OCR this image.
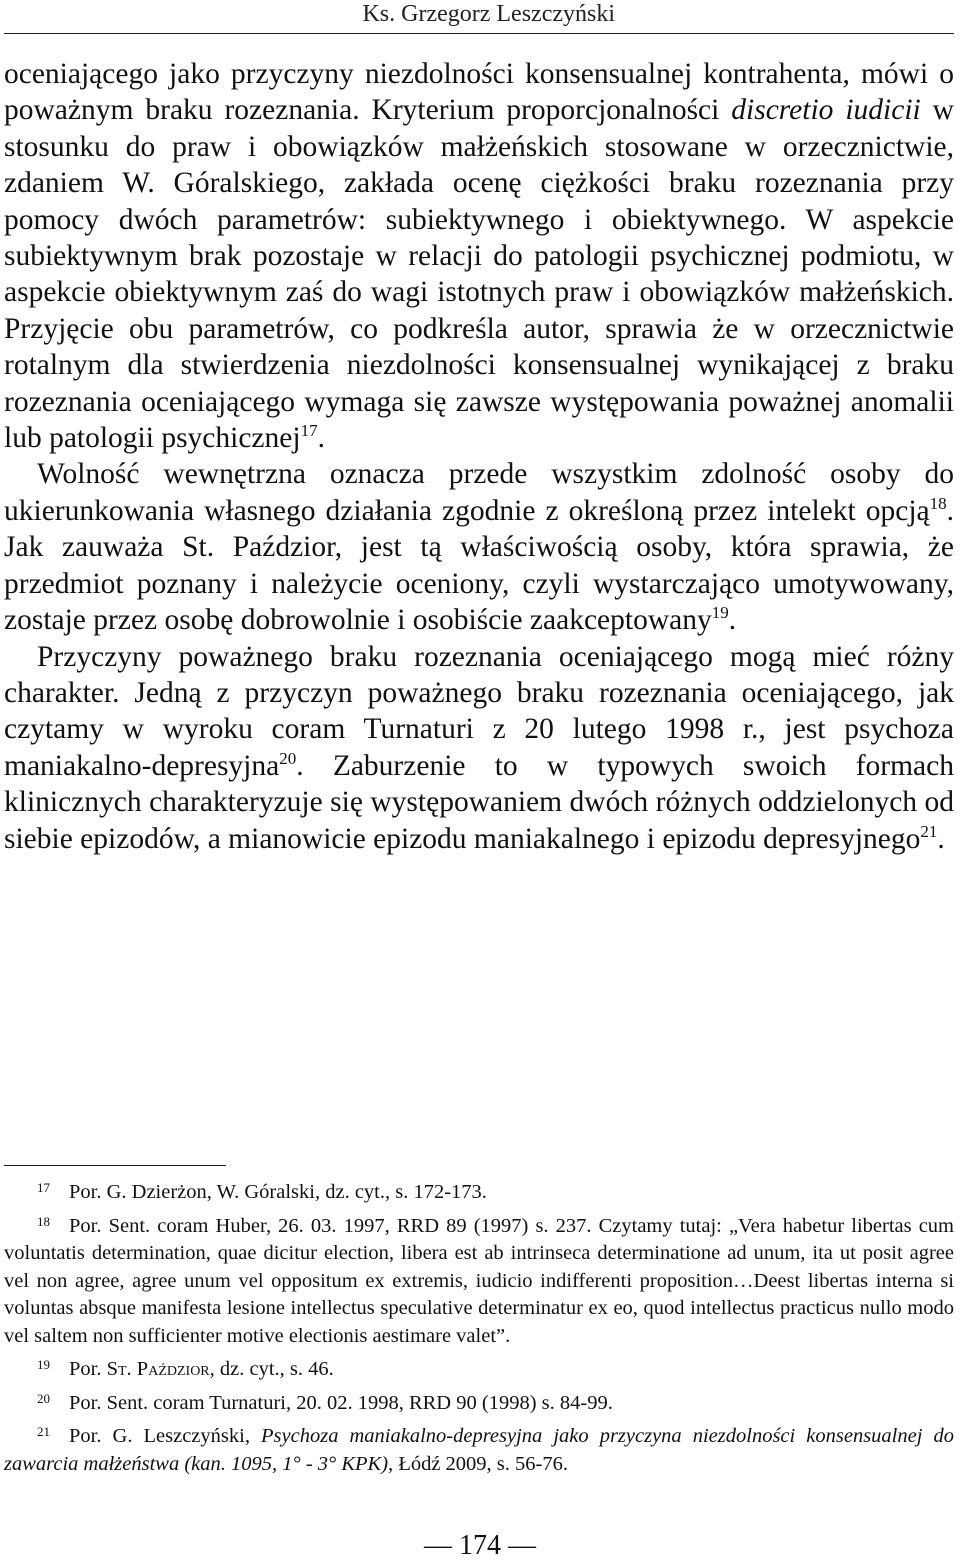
Ks. Grzegorz Leszczyński

oceniającego jako przyczyny niezdolności konsensualnej kontrahenta, mówi o poważnym braku rozeznania. Kryterium proporcjonalności discretio iudicii w stosunku do praw i obowiązków małżeńskich stosowane w orzecznictwie, zdaniem W. Góralskiego, zakłada ocenę ciężkości braku rozeznania przy pomocy dwóch parametrów: subiektywnego i obiektywnego. W aspekcie subiektywnym brak pozostaje w relacji do patologii psychicznej podmiotu, w aspekcie obiektywnym zaś do wagi istotnych praw i obowiązków małżeńskich. Przyjęcie obu parametrów, co podkreśla autor, sprawia że w orzecznictwie rotalnym dla stwierdzenia niezdolności konsensualnej wynikającej z braku rozeznania oceniającego wymaga się zawsze występowania poważnej anomalii lub patologii psychicznej$^{17}$.

Wolność wewnętrzna oznacza przede wszystkim zdolność osoby do ukierunkowania własnego działania zgodnie z określoną przez intelekt opcją$^{18}$. Jak zauważa St. Paździor, jest tą właściwością osoby, która sprawia, że przedmiot poznany i należycie oceniony, czyli wystarczająco umotywowany, zostaje przez osobę dobrowolnie i osobiście zaakceptowany$^{19}$.

Przyczyny poważnego braku rozeznania oceniającego mogą mieć różny charakter. Jedną z przyczyn poważnego braku rozeznania oceniającego, jak czytamy w wyroku coram Turnaturi z 20 lutego 1998 r., jest psychoza maniakalno-depresyjna$^{20}$. Zaburzenie to w typowych swoich formach klinicznych charakteryzuje się występowaniem dwóch różnych oddzielonych od siebie epizodów, a mianowicie epizodu maniakalnego i epizodu depresyjnego$^{21}$.

17 Por. G. Dzierżon, W. Góralski, dz. cyt., s. 172-173.

18 Por. Sent. coram Huber, 26. 03. 1997, RRD 89 (1997) s. 237. Czytamy tutaj: „Vera habetur libertas cum voluntatis determination, quae dicitur election, libera est ab intrinseca determinatione ad unum, ita ut posit agree vel non agree, agree unum vel oppositum ex extremis, iudicio indifferenti proposition…Deest libertas interna si voluntas absque manifesta lesione intellectus speculative determinatur ex eo, quod intellectus practicus nullo modo vel saltem non sufficienter motive electionis aestimare valet”.

19 Por. St. Paździor, dz. cyt., s. 46.

20 Por. Sent. coram Turnaturi, 20. 02. 1998, RRD 90 (1998) s. 84-99.

21 Por. G. Leszczyński, Psychoza maniakalno-depresyjna jako przyczyna niezdolności konsensualnej do zawarcia małżeństwa (kan. 1095, 1° - 3° KPK), Łódź 2009, s. 56-76.

— 174 —
